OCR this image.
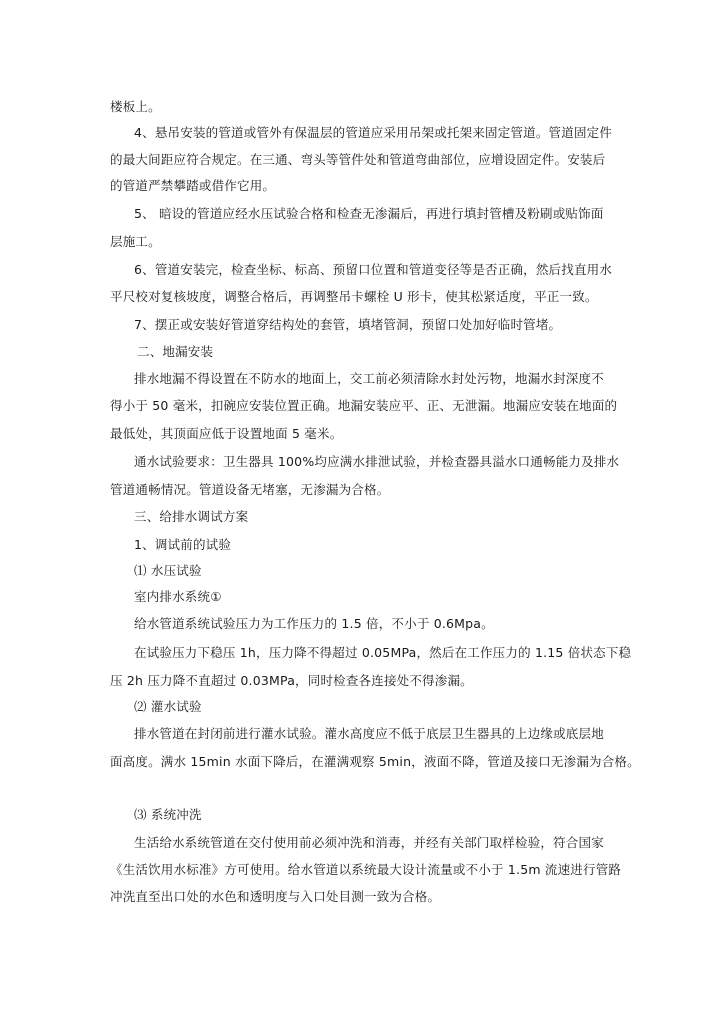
楼板上。
4、悬吊安装的管道或管外有保温层的管道应采用吊架或托架来固定管道。管道固定件
的最大间距应符合规定。在三通、弯头等管件处和管道弯曲部位，应增设固定件。安装后
的管道严禁攀踏或借作它用。
5、 暗设的管道应经水压试验合格和检查无渗漏后，再进行填封管槽及粉刷或贴饰面
层施工。
6、管道安装完，检查坐标、标高、预留口位置和管道变径等是否正确，然后找直用水
平尺校对复核坡度，调整合格后，再调整吊卡螺栓 U 形卡，使其松紧适度，平正一致。
7、摆正或安装好管道穿结构处的套管，填堵管洞，预留口处加好临时管堵。
二、地漏安装
排水地漏不得设置在不防水的地面上，交工前必须清除水封处污物，地漏水封深度不
得小于 50 毫米，扣碗应安装位置正确。地漏安装应平、正、无泄漏。地漏应安装在地面的
最低处，其顶面应低于设置地面 5 毫米。
通水试验要求：卫生器具 100%均应满水排泄试验，并检查器具溢水口通畅能力及排水
管道通畅情况。管道设备无堵塞，无渗漏为合格。
三、给排水调试方案
1、调试前的试验
⑴ 水压试验
室内排水系统①
给水管道系统试验压力为工作压力的 1.5 倍，不小于 0.6Mpa。
在试验压力下稳压 1h，压力降不得超过 0.05MPa，然后在工作压力的 1.15 倍状态下稳
压 2h 压力降不直超过 0.03MPa，同时检查各连接处不得渗漏。
⑵ 灌水试验
排水管道在封闭前进行灌水试验。灌水高度应不低于底层卫生器具的上边缘或底层地
面高度。满水 15min 水面下降后，在灌满观察 5min，液面不降，管道及接口无渗漏为合格。
⑶ 系统冲洗
生活给水系统管道在交付使用前必须冲洗和消毒，并经有关部门取样检验，符合国家
《生活饮用水标准》方可使用。给水管道以系统最大设计流量或不小于 1.5m 流速进行管路
冲洗直至出口处的水色和透明度与入口处目测一致为合格。
